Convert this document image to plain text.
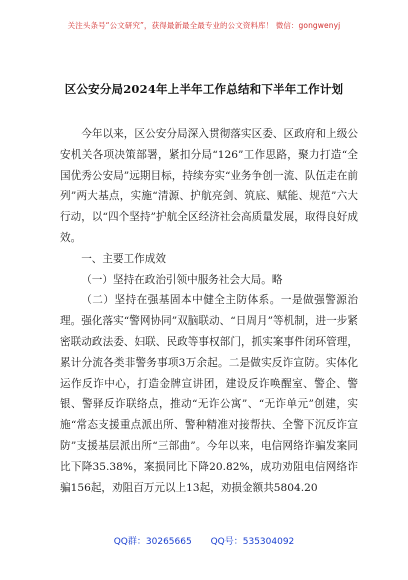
关注头条号“公文研究”，获得最新最全最专业的公文资料库！ 微信：gongwenyj
区公安分局2024年上半年工作总结和下半年工作计划

今年以来，区公安分局深入贯彻落实区委、区政府和上级公安机关各项决策部署，紧扣分局“126”工作思路，聚力打造“全国优秀公安局”远期目标，持续夯实“业务争创一流、队伍走在前列”两大基点，实施“清源、护航亮剑、筑底、赋能、规范”六大行动，以“四个坚持”护航全区经济社会高质量发展，取得良好成效。

一、主要工作成效

（一）坚持在政治引领中服务社会大局。略

（二）坚持在强基固本中健全主防体系。一是做强警源治理。强化落实“警网协同”双脑联动、“日周月”等机制，进一步紧密联动政法委、妇联、民政等事权部门，抓实案事件闭环管理，累计分流各类非警务事项3万余起。二是做实反诈宣防。实体化运作反诈中心，打造金牌宣讲团，建设反诈唤醒室、警企、警银、警驿反诈联络点，推动“无诈公寓”、“无诈单元”创建，实施“常态支援重点派出所、警种精准对接帮扶、全警下沉反诈宣防”支援基层派出所“三部曲”。今年以来，电信网络诈骗发案同比下降35.38%，案损同比下降20.82%，成功劝阻电信网络诈骗156起，劝阻百万元以上13起，劝损金额共5804.20

QQ群：30265665 QQ号：535304092
